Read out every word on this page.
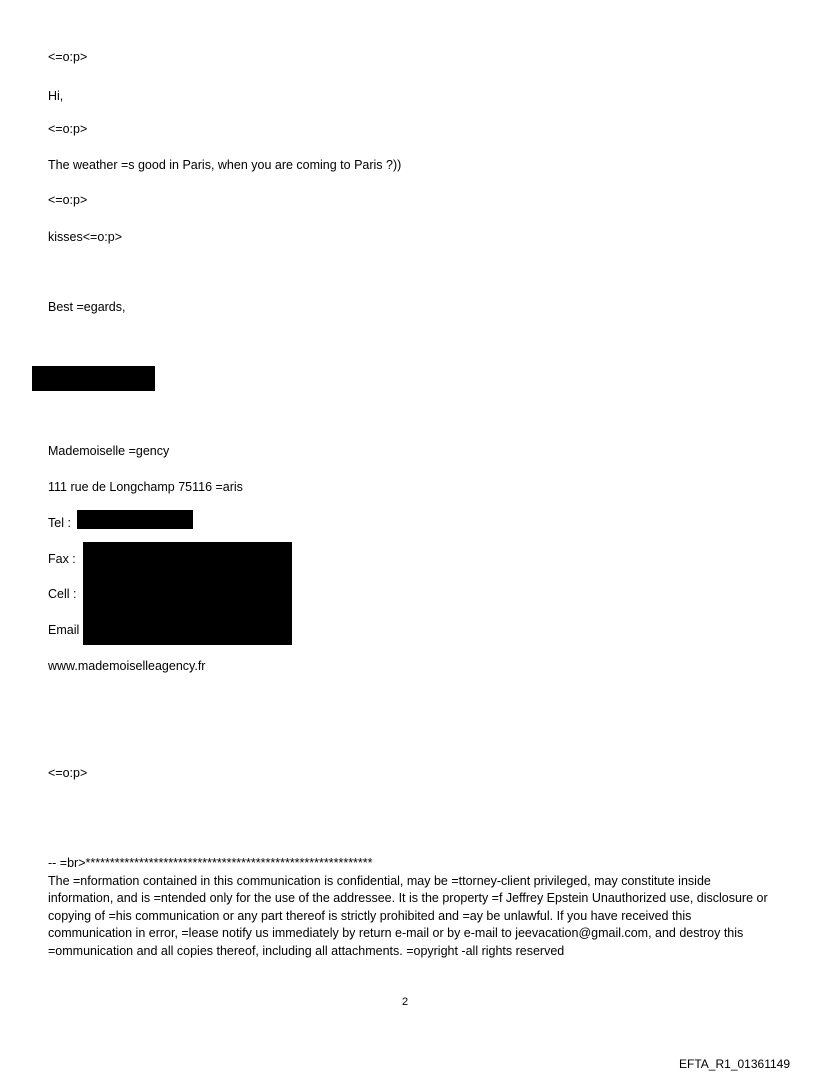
<=o:p>
Hi,
<=o:p>
The weather =s good in Paris, when you are coming to Paris ?))
<=o:p>
kisses<=o:p>
Best =egards,
Mademoiselle =gency
111 rue de Longchamp 75116 =aris
Tel :
Fax :
Cell :
Email
www.mademoiselleagency.fr
<=o:p>

-- =br>***********************************************************

The =nformation contained in this communication is confidential, may be =ttorney-client privileged, may constitute inside information, and is =ntended only for the use of the addressee. It is the property =f Jeffrey Epstein Unauthorized use, disclosure or copying of =his communication or any part thereof is strictly prohibited and =ay be unlawful. If you have received this communication in error, =lease notify us immediately by return e-mail or by e-mail to jeevacation@gmail.com, and destroy this =ommunication and all copies thereof, including all attachments. =opyright -all rights reserved

2
EFTA_R1_01361149
